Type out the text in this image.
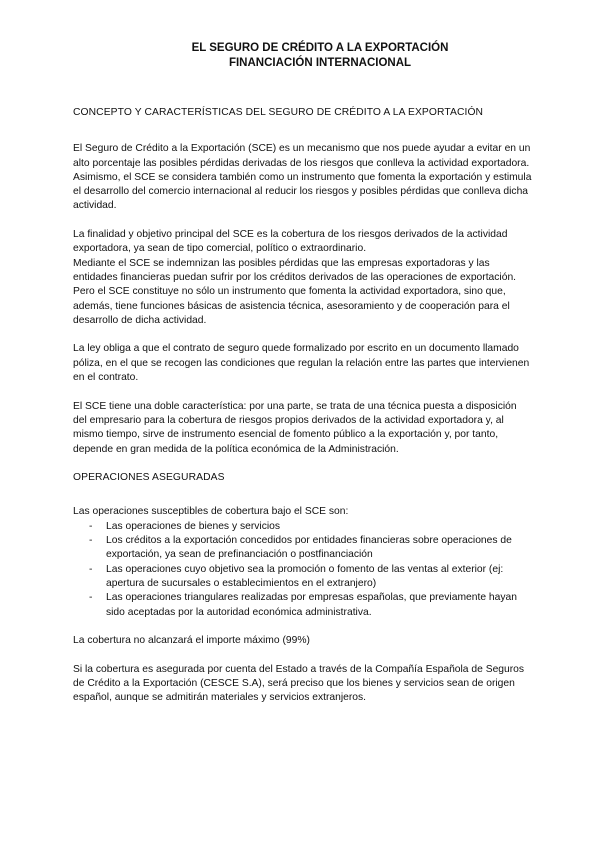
EL SEGURO DE CRÉDITO A LA EXPORTACIÓN
FINANCIACIÓN INTERNACIONAL
CONCEPTO Y CARACTERÍSTICAS DEL SEGURO DE CRÉDITO A LA EXPORTACIÓN

El Seguro de Crédito a la Exportación (SCE) es un mecanismo que nos puede ayudar a evitar en un alto porcentaje las posibles pérdidas derivadas de los riesgos que conlleva la actividad exportadora. Asimismo, el SCE se considera también como un instrumento que fomenta la exportación y estimula el desarrollo del comercio internacional al reducir los riesgos y posibles pérdidas que conlleva dicha actividad.

La finalidad y objetivo principal del SCE es la cobertura de los riesgos derivados de la actividad exportadora, ya sean de tipo comercial, político o extraordinario.

Mediante el SCE se indemnizan las posibles pérdidas que las empresas exportadoras y las entidades financieras puedan sufrir por los créditos derivados de las operaciones de exportación.

Pero el SCE constituye no sólo un instrumento que fomenta la actividad exportadora, sino que, además, tiene funciones básicas de asistencia técnica, asesoramiento y de cooperación para el desarrollo de dicha actividad.

La ley obliga a que el contrato de seguro quede formalizado por escrito en un documento llamado póliza, en el que se recogen las condiciones que regulan la relación entre las partes que intervienen en el contrato.

El SCE tiene una doble característica: por una parte, se trata de una técnica puesta a disposición del empresario para la cobertura de riesgos propios derivados de la actividad exportadora y, al mismo tiempo, sirve de instrumento esencial de fomento público a la exportación y, por tanto, depende en gran medida de la política económica de la Administración.

OPERACIONES ASEGURADAS

Las operaciones susceptibles de cobertura bajo el SCE son:

- Las operaciones de bienes y servicios
- Los créditos a la exportación concedidos por entidades financieras sobre operaciones de exportación, ya sean de prefinanciación o postfinanciación
- Las operaciones cuyo objetivo sea la promoción o fomento de las ventas al exterior (ej: apertura de sucursales o establecimientos en el extranjero)
- Las operaciones triangulares realizadas por empresas españolas, que previamente hayan sido aceptadas por la autoridad económica administrativa.

La cobertura no alcanzará el importe máximo (99%)

Si la cobertura es asegurada por cuenta del Estado a través de la Compañía Española de Seguros de Crédito a la Exportación (CESCE S.A), será preciso que los bienes y servicios sean de origen español, aunque se admitirán materiales y servicios extranjeros.
